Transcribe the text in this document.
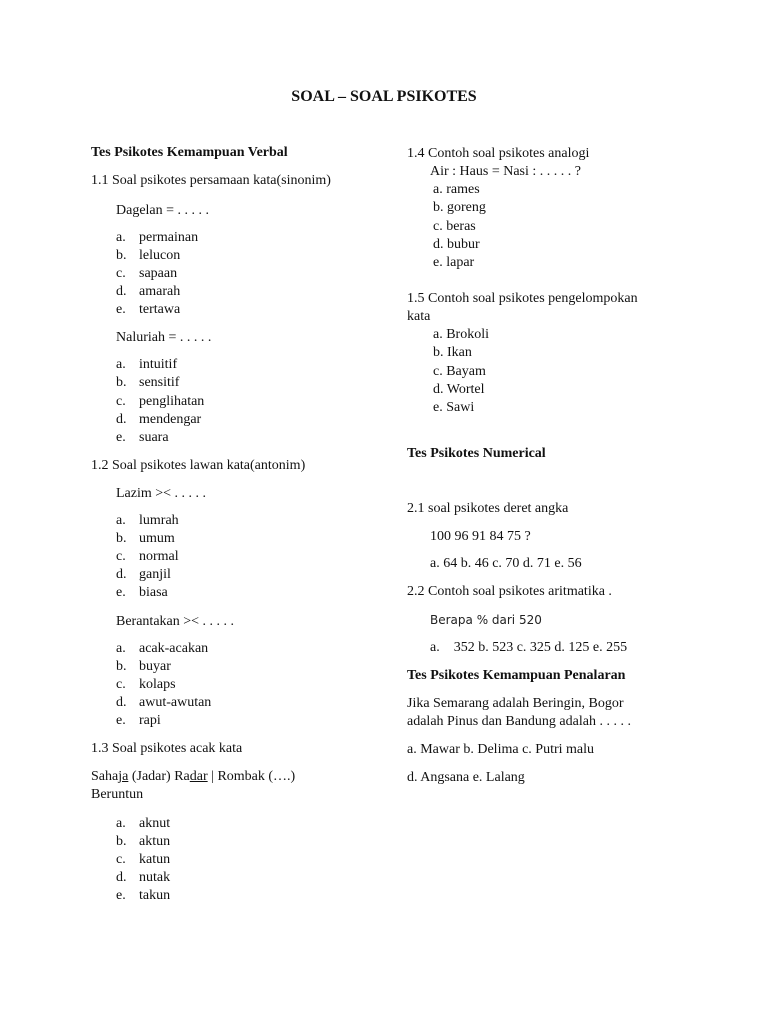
SOAL – SOAL PSIKOTES
Tes Psikotes Kemampuan Verbal
1.1 Soal psikotes persamaan kata(sinonim)
Dagelan = . . . . .
a. permainan
b. lelucon
c. sapaan
d. amarah
e. tertawa
Naluriah = . . . . .
a. intuitif
b. sensitif
c. penglihatan
d. mendengar
e. suara
1.2 Soal psikotes lawan kata(antonim)
Lazim >< . . . . .
a. lumrah
b. umum
c. normal
d. ganjil
e. biasa
Berantakan >< . . . . .
a. acak-acakan
b. buyar
c. kolaps
d. awut-awutan
e. rapi
1.3 Soal psikotes acak kata
Sahaja (Jadar) Radar | Rombak (….)
Beruntun
a. aknut
b. aktun
c. katun
d. nutak
e. takun
1.4 Contoh soal psikotes analogi
Air : Haus = Nasi : . . . . . ?
a. rames
b. goreng
c. beras
d. bubur
e. lapar
1.5 Contoh soal psikotes pengelompokan
kata
a. Brokoli
b. Ikan
c. Bayam
d. Wortel
e. Sawi
Tes Psikotes Numerical
2.1 soal psikotes deret angka
100 96 91 84 75 ?
a. 64 b. 46 c. 70 d. 71 e. 56
2.2 Contoh soal psikotes aritmatika .
Berapa % dari 520
a.    352 b. 523 c. 325 d. 125 e. 255
Tes Psikotes Kemampuan Penalaran
Jika Semarang adalah Beringin, Bogor
adalah Pinus dan Bandung adalah . . . . .
a. Mawar b. Delima c. Putri malu
d. Angsana e. Lalang
